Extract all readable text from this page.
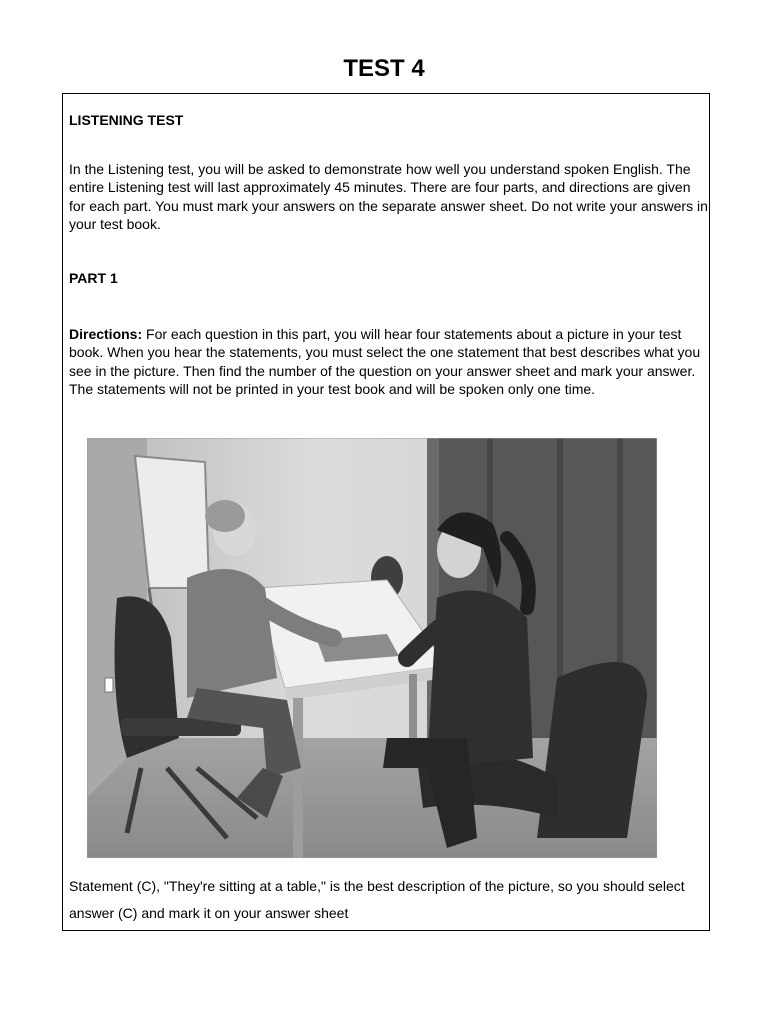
TEST 4
LISTENING TEST
In the Listening test, you will be asked to demonstrate how well you understand spoken English. The entire Listening test will last approximately 45 minutes. There are four parts, and directions are given for each part. You must mark your answers on the separate answer sheet. Do not write your answers in your test book.
PART 1
Directions: For each question in this part, you will hear four statements about a picture in your test book. When you hear the statements, you must select the one statement that best describes what you see in the picture. Then find the number of the question on your answer sheet and mark your answer. The statements will not be printed in your test book and will be spoken only one time.
Statement (C), "They're sitting at a table," is the best description of the picture, so you should select answer (C) and mark it on your answer sheet
